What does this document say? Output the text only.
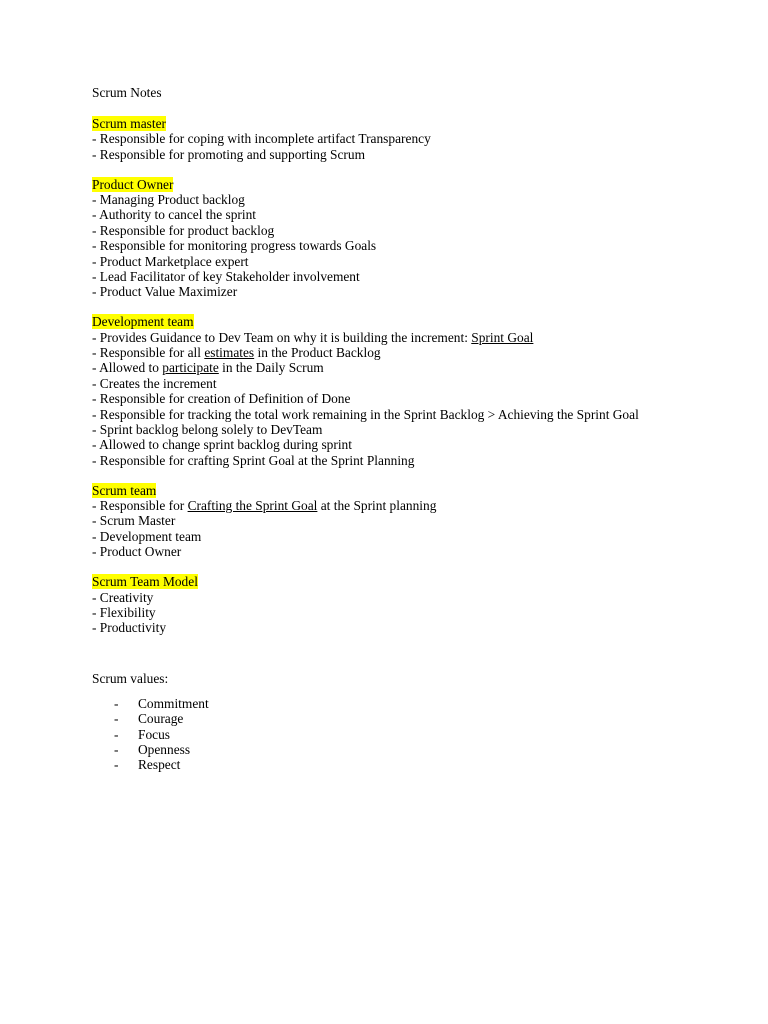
Scrum Notes
Scrum master
- Responsible for coping with incomplete artifact Transparency
- Responsible for promoting and supporting Scrum
Product Owner
- Managing Product backlog
- Authority to cancel the sprint
- Responsible for product backlog
- Responsible for monitoring progress towards Goals
- Product Marketplace expert
- Lead Facilitator of key Stakeholder involvement
- Product Value Maximizer
Development team
- Provides Guidance to Dev Team on why it is building the increment: Sprint Goal
- Responsible for all estimates in the Product Backlog
- Allowed to participate in the Daily Scrum
- Creates the increment
- Responsible for creation of Definition of Done
- Responsible for tracking the total work remaining in the Sprint Backlog > Achieving the Sprint Goal
- Sprint backlog belong solely to DevTeam
- Allowed to change sprint backlog during sprint
- Responsible for crafting Sprint Goal at the Sprint Planning
Scrum team
- Responsible for Crafting the Sprint Goal at the Sprint planning
- Scrum Master
- Development team
- Product Owner
Scrum Team Model
- Creativity
- Flexibility
- Productivity
Scrum values:
- Commitment
- Courage
- Focus
- Openness
- Respect
